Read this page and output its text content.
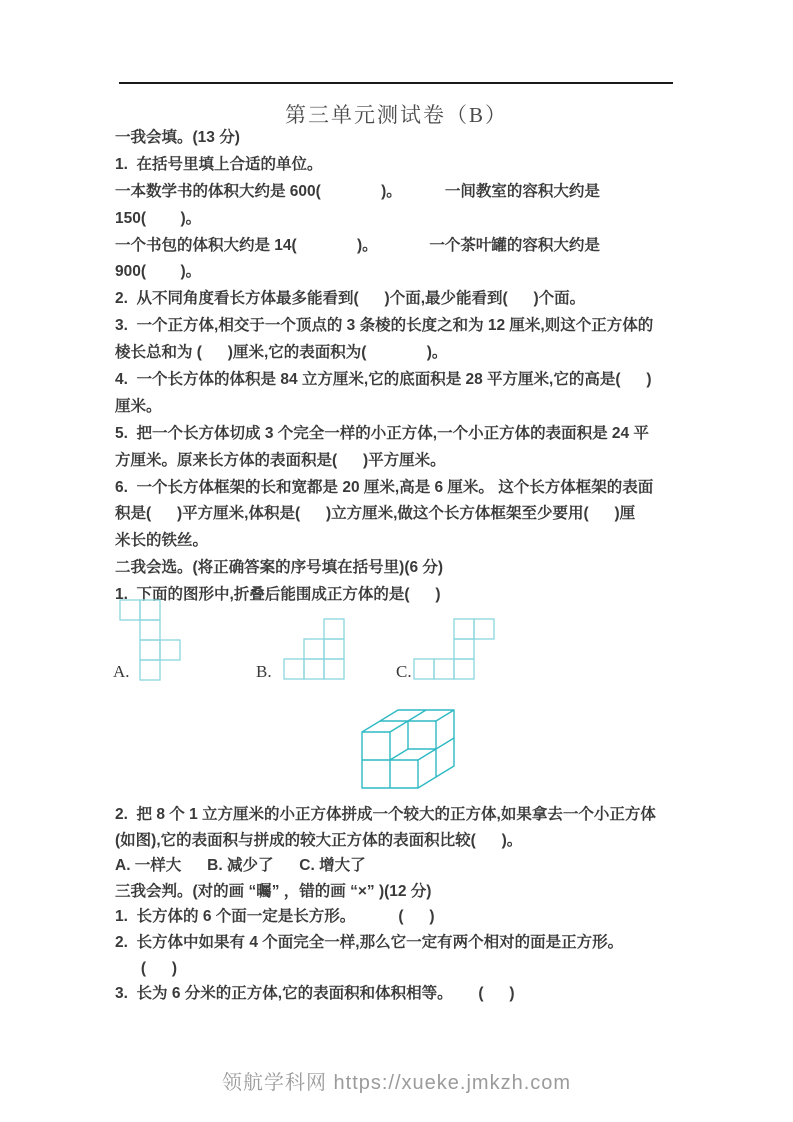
第三单元测试卷（B）
一我会填。(13 分)
1.  在括号里填上合适的单位。
一本数学书的体积大约是 600(              )。          一间教室的容积大约是
150(        )。
一个书包的体积大约是 14(              )。            一个茶叶罐的容积大约是
900(        )。
2.  从不同角度看长方体最多能看到(      )个面,最少能看到(      )个面。
3.  一个正方体,相交于一个顶点的 3 条棱的长度之和为 12 厘米,则这个正方体的
棱长总和为 (      )厘米,它的表面积为(              )。
4.  一个长方体的体积是 84 立方厘米,它的底面积是 28 平方厘米,它的高是(      )
厘米。
5.  把一个长方体切成 3 个完全一样的小正方体,一个小正方体的表面积是 24 平
方厘米。原来长方体的表面积是(      )平方厘米。
6.  一个长方体框架的长和宽都是 20 厘米,高是 6 厘米。 这个长方体框架的表面
积是(      )平方厘米,体积是(      )立方厘米,做这个长方体框架至少要用(      )厘
米长的铁丝。
二我会选。(将正确答案的序号填在括号里)(6 分)
1.  下面的图形中,折叠后能围成正方体的是(      )
A.	B.	C.
2.  把 8 个 1 立方厘米的小正方体拼成一个较大的正方体,如果拿去一个小正方体
(如图),它的表面积与拼成的较大正方体的表面积比较(      )。
A. 一样大      B. 减少了      C. 增大了
三我会判。(对的画 “曯” ，错的画 “×” )(12 分)
1.  长方体的 6 个面一定是长方形。          (      )
2.  长方体中如果有 4 个面完全一样,那么它一定有两个相对的面是正方形。
(      )
3.  长为 6 分米的正方体,它的表面积和体积相等。      (      )
领航学科网 https://xueke.jmkzh.com
